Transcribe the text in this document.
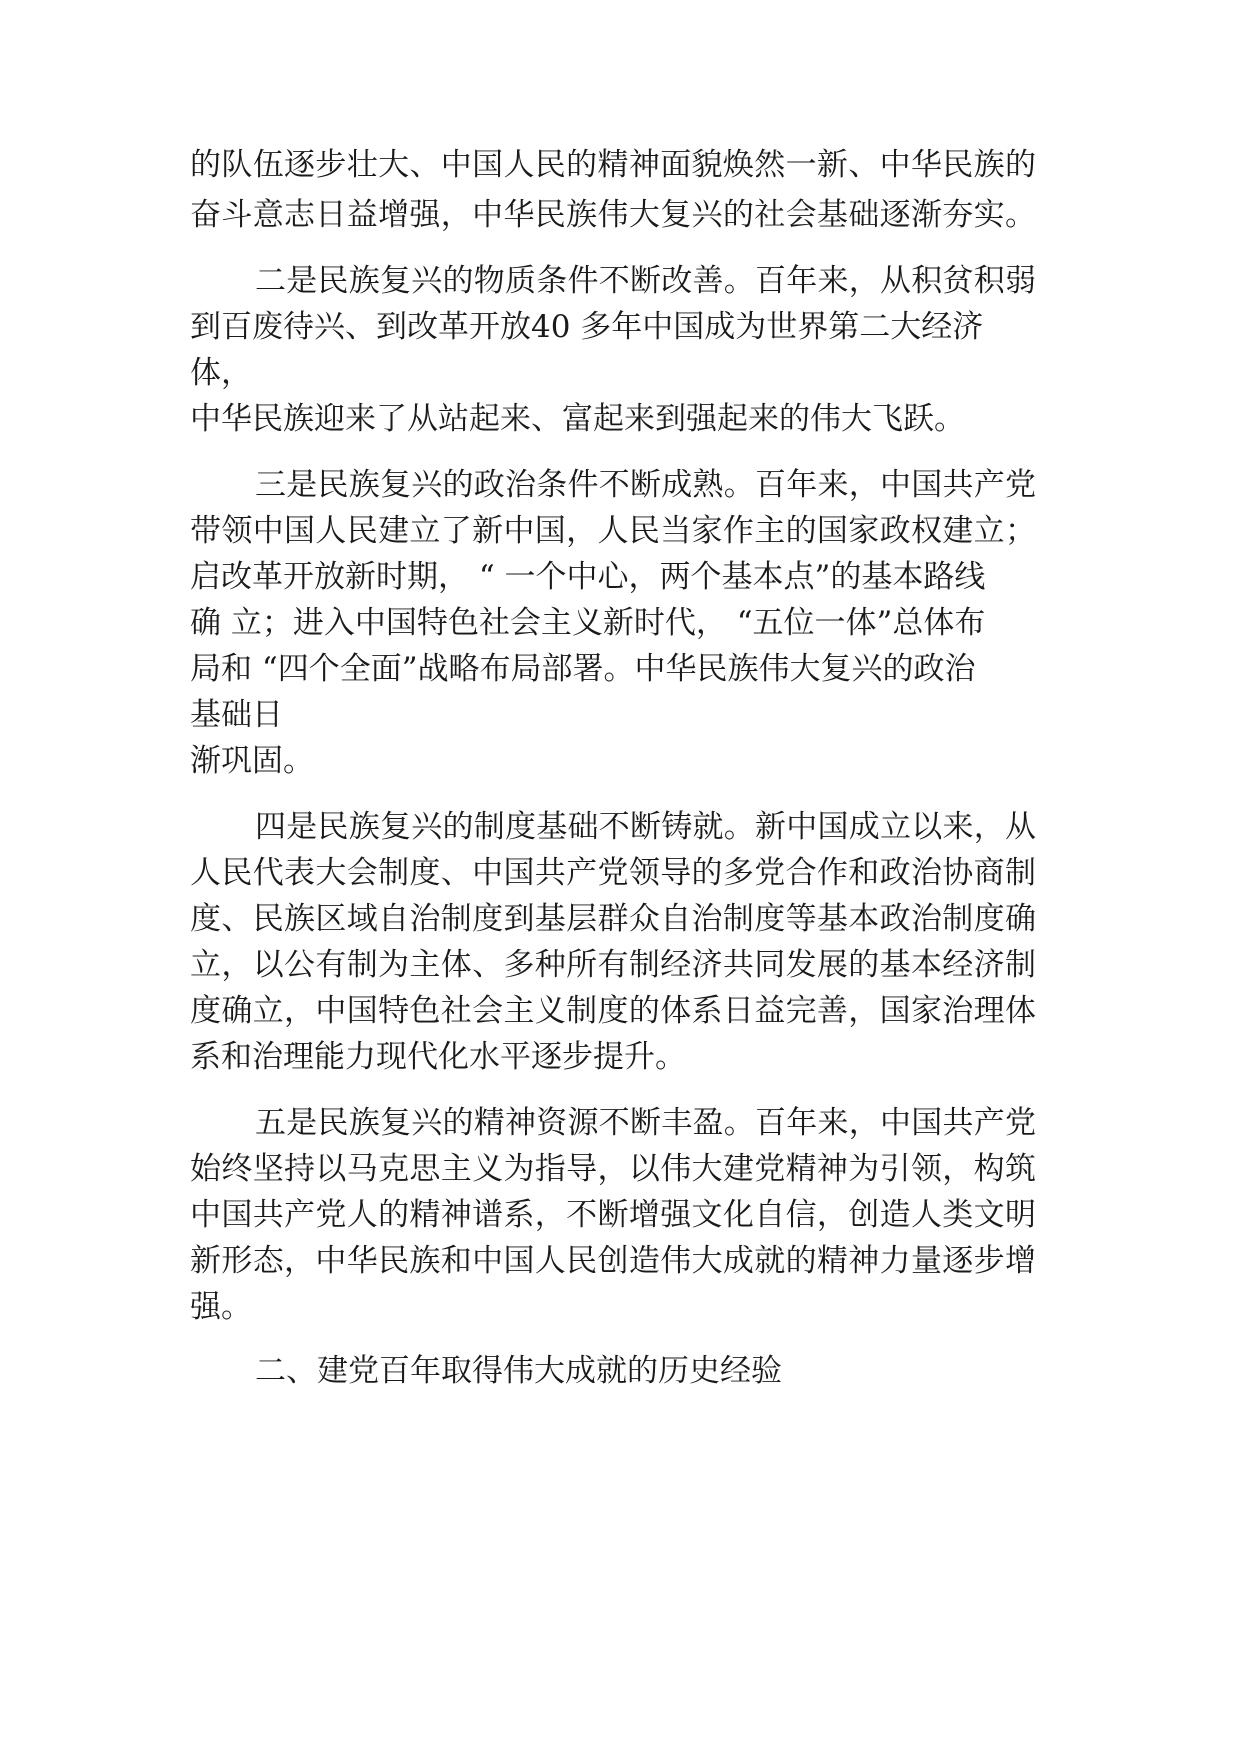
的队伍逐步壮大、中国人民的精神面貌焕然一新、中华民族的
奋斗意志日益增强，中华民族伟大复兴的社会基础逐渐夯实。
二是民族复兴的物质条件不断改善。百年来，从积贫积弱
到百废待兴、到改革开放40 多年中国成为世界第二大经济
体，
中华民族迎来了从站起来、富起来到强起来的伟大飞跃。
三是民族复兴的政治条件不断成熟。百年来，中国共产党
带领中国人民建立了新中国，人民当家作主的国家政权建立；
启改革开放新时期， “ 一个中心，两个基本点”的基本路线
确 立；进入中国特色社会主义新时代， “五位一体”总体布
局和 “四个全面”战略布局部署。中华民族伟大复兴的政治
基础日
渐巩固。
四是民族复兴的制度基础不断铸就。新中国成立以来，从
人民代表大会制度、中国共产党领导的多党合作和政治协商制
度、民族区域自治制度到基层群众自治制度等基本政治制度确
立，以公有制为主体、多种所有制经济共同发展的基本经济制
度确立，中国特色社会主义制度的体系日益完善，国家治理体
系和治理能力现代化水平逐步提升。
五是民族复兴的精神资源不断丰盈。百年来，中国共产党
始终坚持以马克思主义为指导，以伟大建党精神为引领，构筑
中国共产党人的精神谱系，不断增强文化自信，创造人类文明
新形态，中华民族和中国人民创造伟大成就的精神力量逐步增
强。
二、建党百年取得伟大成就的历史经验
